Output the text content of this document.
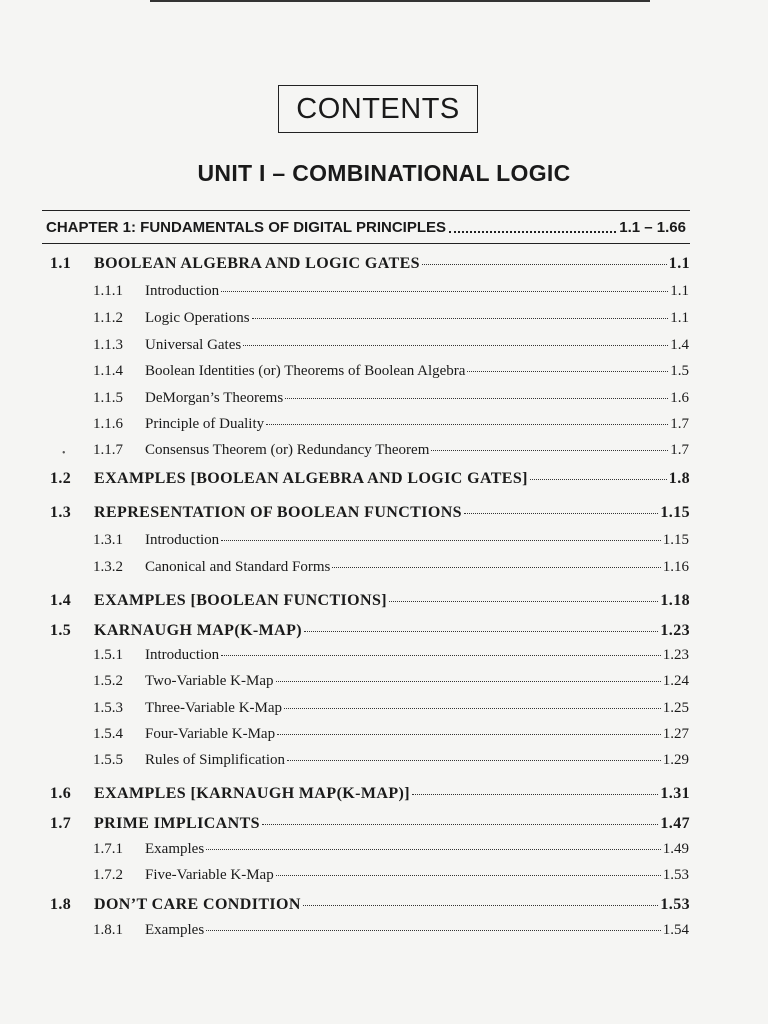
CONTENTS
UNIT I – COMBINATIONAL LOGIC
CHAPTER 1: FUNDAMENTALS OF DIGITAL PRINCIPLES	1.1 – 1.66
•
1.1	BOOLEAN ALGEBRA AND LOGIC GATES	1.1
1.1.1	Introduction	1.1
1.1.2	Logic Operations	1.1
1.1.3	Universal Gates	1.4
1.1.4	Boolean Identities (or) Theorems of Boolean Algebra	1.5
1.1.5	DeMorgan’s Theorems	1.6
1.1.6	Principle of Duality	1.7
1.1.7	Consensus Theorem (or) Redundancy Theorem	1.7
1.2	EXAMPLES [BOOLEAN ALGEBRA AND LOGIC GATES]	1.8
1.3	REPRESENTATION OF BOOLEAN FUNCTIONS	1.15
1.3.1	Introduction	1.15
1.3.2	Canonical and Standard Forms	1.16
1.4	EXAMPLES [BOOLEAN FUNCTIONS]	1.18
1.5	KARNAUGH MAP(K-MAP)	1.23
1.5.1	Introduction	1.23
1.5.2	Two-Variable K-Map	1.24
1.5.3	Three-Variable K-Map	1.25
1.5.4	Four-Variable K-Map	1.27
1.5.5	Rules of Simplification	1.29
1.6	EXAMPLES [KARNAUGH MAP(K-MAP)]	1.31
1.7	PRIME IMPLICANTS	1.47
1.7.1	Examples	1.49
1.7.2	Five-Variable K-Map	1.53
1.8	DON’T CARE CONDITION	1.53
1.8.1	Examples	1.54
